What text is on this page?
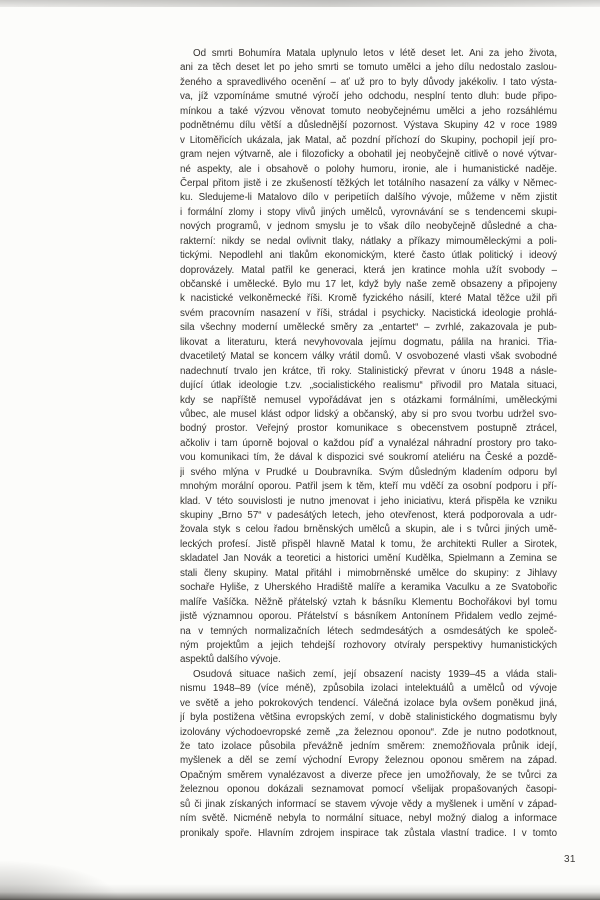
Od smrti Bohumíra Matala uplynulo letos v létě deset let. Ani za jeho života,
ani za těch deset let po jeho smrti se tomuto umělci a jeho dílu nedostalo zaslou-
ženého a spravedlivého ocenění – ať už pro to byly důvody jakékoliv. I tato výsta-
va, jíž vzpomínáme smutné výročí jeho odchodu, nesplní tento dluh: bude připo-
mínkou a také výzvou věnovat tomuto neobyčejnému umělci a jeho rozsáhlému
podnětnému dílu větší a důslednější pozornost. Výstava Skupiny 42 v roce 1989
v Litoměřicích ukázala, jak Matal, ač pozdní příchozí do Skupiny, pochopil její pro-
gram nejen výtvarně, ale i filozoficky a obohatil jej neobyčejně citlivě o nové výtvar-
né aspekty, ale i obsahově o polohy humoru, ironie, ale i humanistické naděje.
Čerpal přitom jistě i ze zkušeností těžkých let totálního nasazení za války v Němec-
ku. Sledujeme-li Matalovo dílo v peripetiích dalšího vývoje, můžeme v něm zjistit
i formální zlomy i stopy vlivů jiných umělců, vyrovnávání se s tendencemi skupi-
nových programů, v jednom smyslu je to však dílo neobyčejně důsledné a cha-
rakterní: nikdy se nedal ovlivnit tlaky, nátlaky a příkazy mimouměleckými a poli-
tickými. Nepodlehl ani tlakům ekonomickým, které často útlak politický i ideový
doprovázely. Matal patřil ke generaci, která jen kratince mohla užít svobody –
občanské i umělecké. Bylo mu 17 let, když byly naše země obsazeny a připojeny
k nacistické velkoněmecké říši. Kromě fyzického násilí, které Matal těžce užil při
svém pracovním nasazení v říši, strádal i psychicky. Nacistická ideologie prohlá-
sila všechny moderní umělecké směry za „entartet“ – zvrhlé, zakazovala je pub-
likovat a literaturu, která nevyhovovala jejímu dogmatu, pálila na hranici. Třia-
dvacetiletý Matal se koncem války vrátil domů. V osvobozené vlasti však svobodné
nadechnutí trvalo jen krátce, tři roky. Stalinistický převrat v únoru 1948 a násle-
dující útlak ideologie t.zv. „socialistického realismu“ přivodil pro Matala situaci,
kdy se napříště nemusel vypořádávat jen s otázkami formálními, uměleckými
vůbec, ale musel klást odpor lidský a občanský, aby si pro svou tvorbu udržel svo-
bodný prostor. Veřejný prostor komunikace s obecenstvem postupně ztrácel,
ačkoliv i tam úporně bojoval o každou píď a vynalézal náhradní prostory pro tako-
vou komunikaci tím, že dával k dispozici své soukromí ateliéru na České a pozdě-
ji svého mlýna v Prudké u Doubravníka. Svým důsledným kladením odporu byl
mnohým morální oporou. Patřil jsem k těm, kteří mu vděčí za osobní podporu i pří-
klad. V této souvislosti je nutno jmenovat i jeho iniciativu, která přispěla ke vzniku
skupiny „Brno 57“ v padesátých letech, jeho otevřenost, která podporovala a udr-
žovala styk s celou řadou brněnských umělců a skupin, ale i s tvůrci jiných umě-
leckých profesí. Jistě přispěl hlavně Matal k tomu, že architekti Ruller a Sirotek,
skladatel Jan Novák a teoretici a historici umění Kudělka, Spielmann a Zemina se
stali členy skupiny. Matal přitáhl i mimobrněnské umělce do skupiny: z Jihlavy
sochaře Hyliše, z Uherského Hradiště malíře a keramika Vaculku a ze Svatobořic
malíře Vašíčka. Něžně přátelský vztah k básníku Klementu Bochořákovi byl tomu
jistě významnou oporou. Přátelství s básníkem Antonínem Přidalem vedlo zejmé-
na v temných normalizačních létech sedmdesátých a osmdesátých ke společ-
ným projektům a jejich tehdejší rozhovory otvíraly perspektivy humanistických
aspektů dalšího vývoje.
Osudová situace našich zemí, její obsazení nacisty 1939–45 a vláda stali-
nismu 1948–89 (více méně), způsobila izolaci intelektuálů a umělců od vývoje
ve světě a jeho pokrokových tendencí. Válečná izolace byla ovšem poněkud jiná,
jí byla postižena většina evropských zemí, v době stalinistického dogmatismu byly
izolovány východoevropské země „za železnou oponou“. Zde je nutno podotknout,
že tato izolace působila převážně jedním směrem: znemožňovala průnik idejí,
myšlenek a děl se zemí východní Evropy železnou oponou směrem na západ.
Opačným směrem vynalézavost a diverze přece jen umožňovaly, že se tvůrci za
železnou oponou dokázali seznamovat pomocí všelijak propašovaných časopi-
sů či jinak získaných informací se stavem vývoje vědy a myšlenek i umění v západ-
ním světě. Nicméně nebyla to normální situace, nebyl možný dialog a informace
pronikaly spoře. Hlavním zdrojem inspirace tak zůstala vlastní tradice. I v tomto
31
